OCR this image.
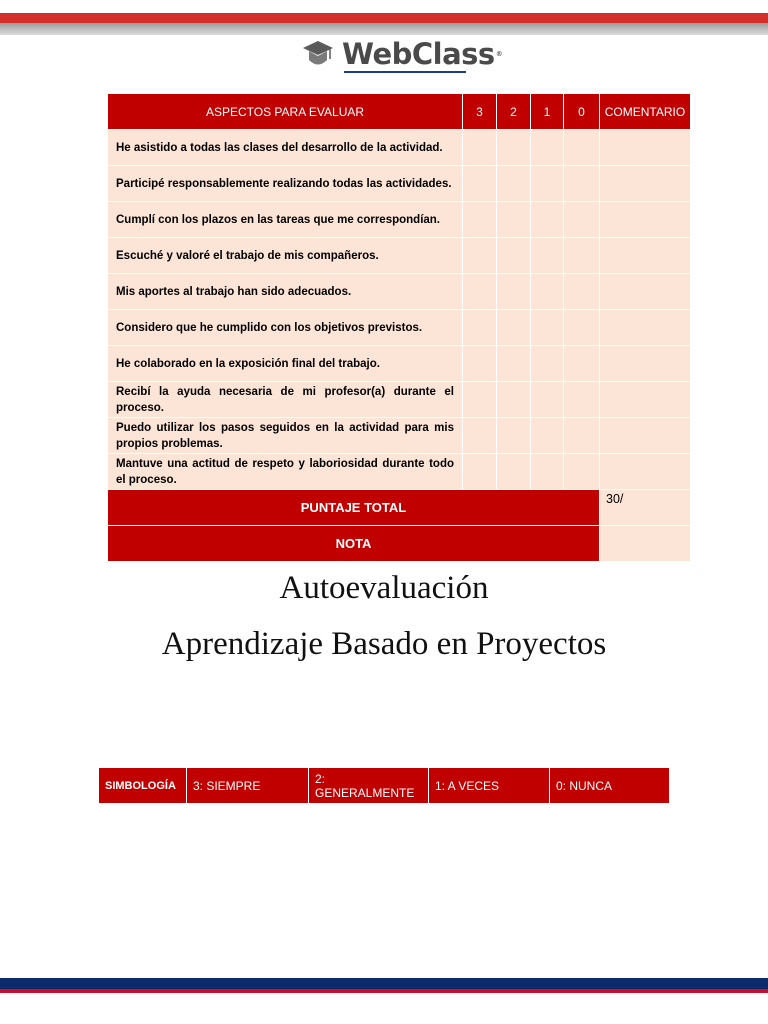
WebClass®
ASPECTOS PARA EVALUAR	3	2	1	0	COMENTARIO
He asistido a todas las clases del desarrollo de la actividad.					
Participé responsablemente realizando todas las actividades.					
Cumplí con los plazos en las tareas que me correspondían.					
Escuché y valoré el trabajo de mis compañeros.					
Mis aportes al trabajo han sido adecuados.					
Considero que he cumplido con los objetivos previstos.					
He colaborado en la exposición final del trabajo.					
Recibí la ayuda necesaria de mi profesor(a) durante el proceso.					
Puedo utilizar los pasos seguidos en la actividad para mis propios problemas.					
Mantuve una actitud de respeto y laboriosidad durante todo el proceso.					
PUNTAJE TOTAL					30/
NOTA					
Autoevaluación
Aprendizaje Basado en Proyectos
SIMBOLOGÍA	3: SIEMPRE	2: GENERALMENTE	1: A VECES	0: NUNCA
